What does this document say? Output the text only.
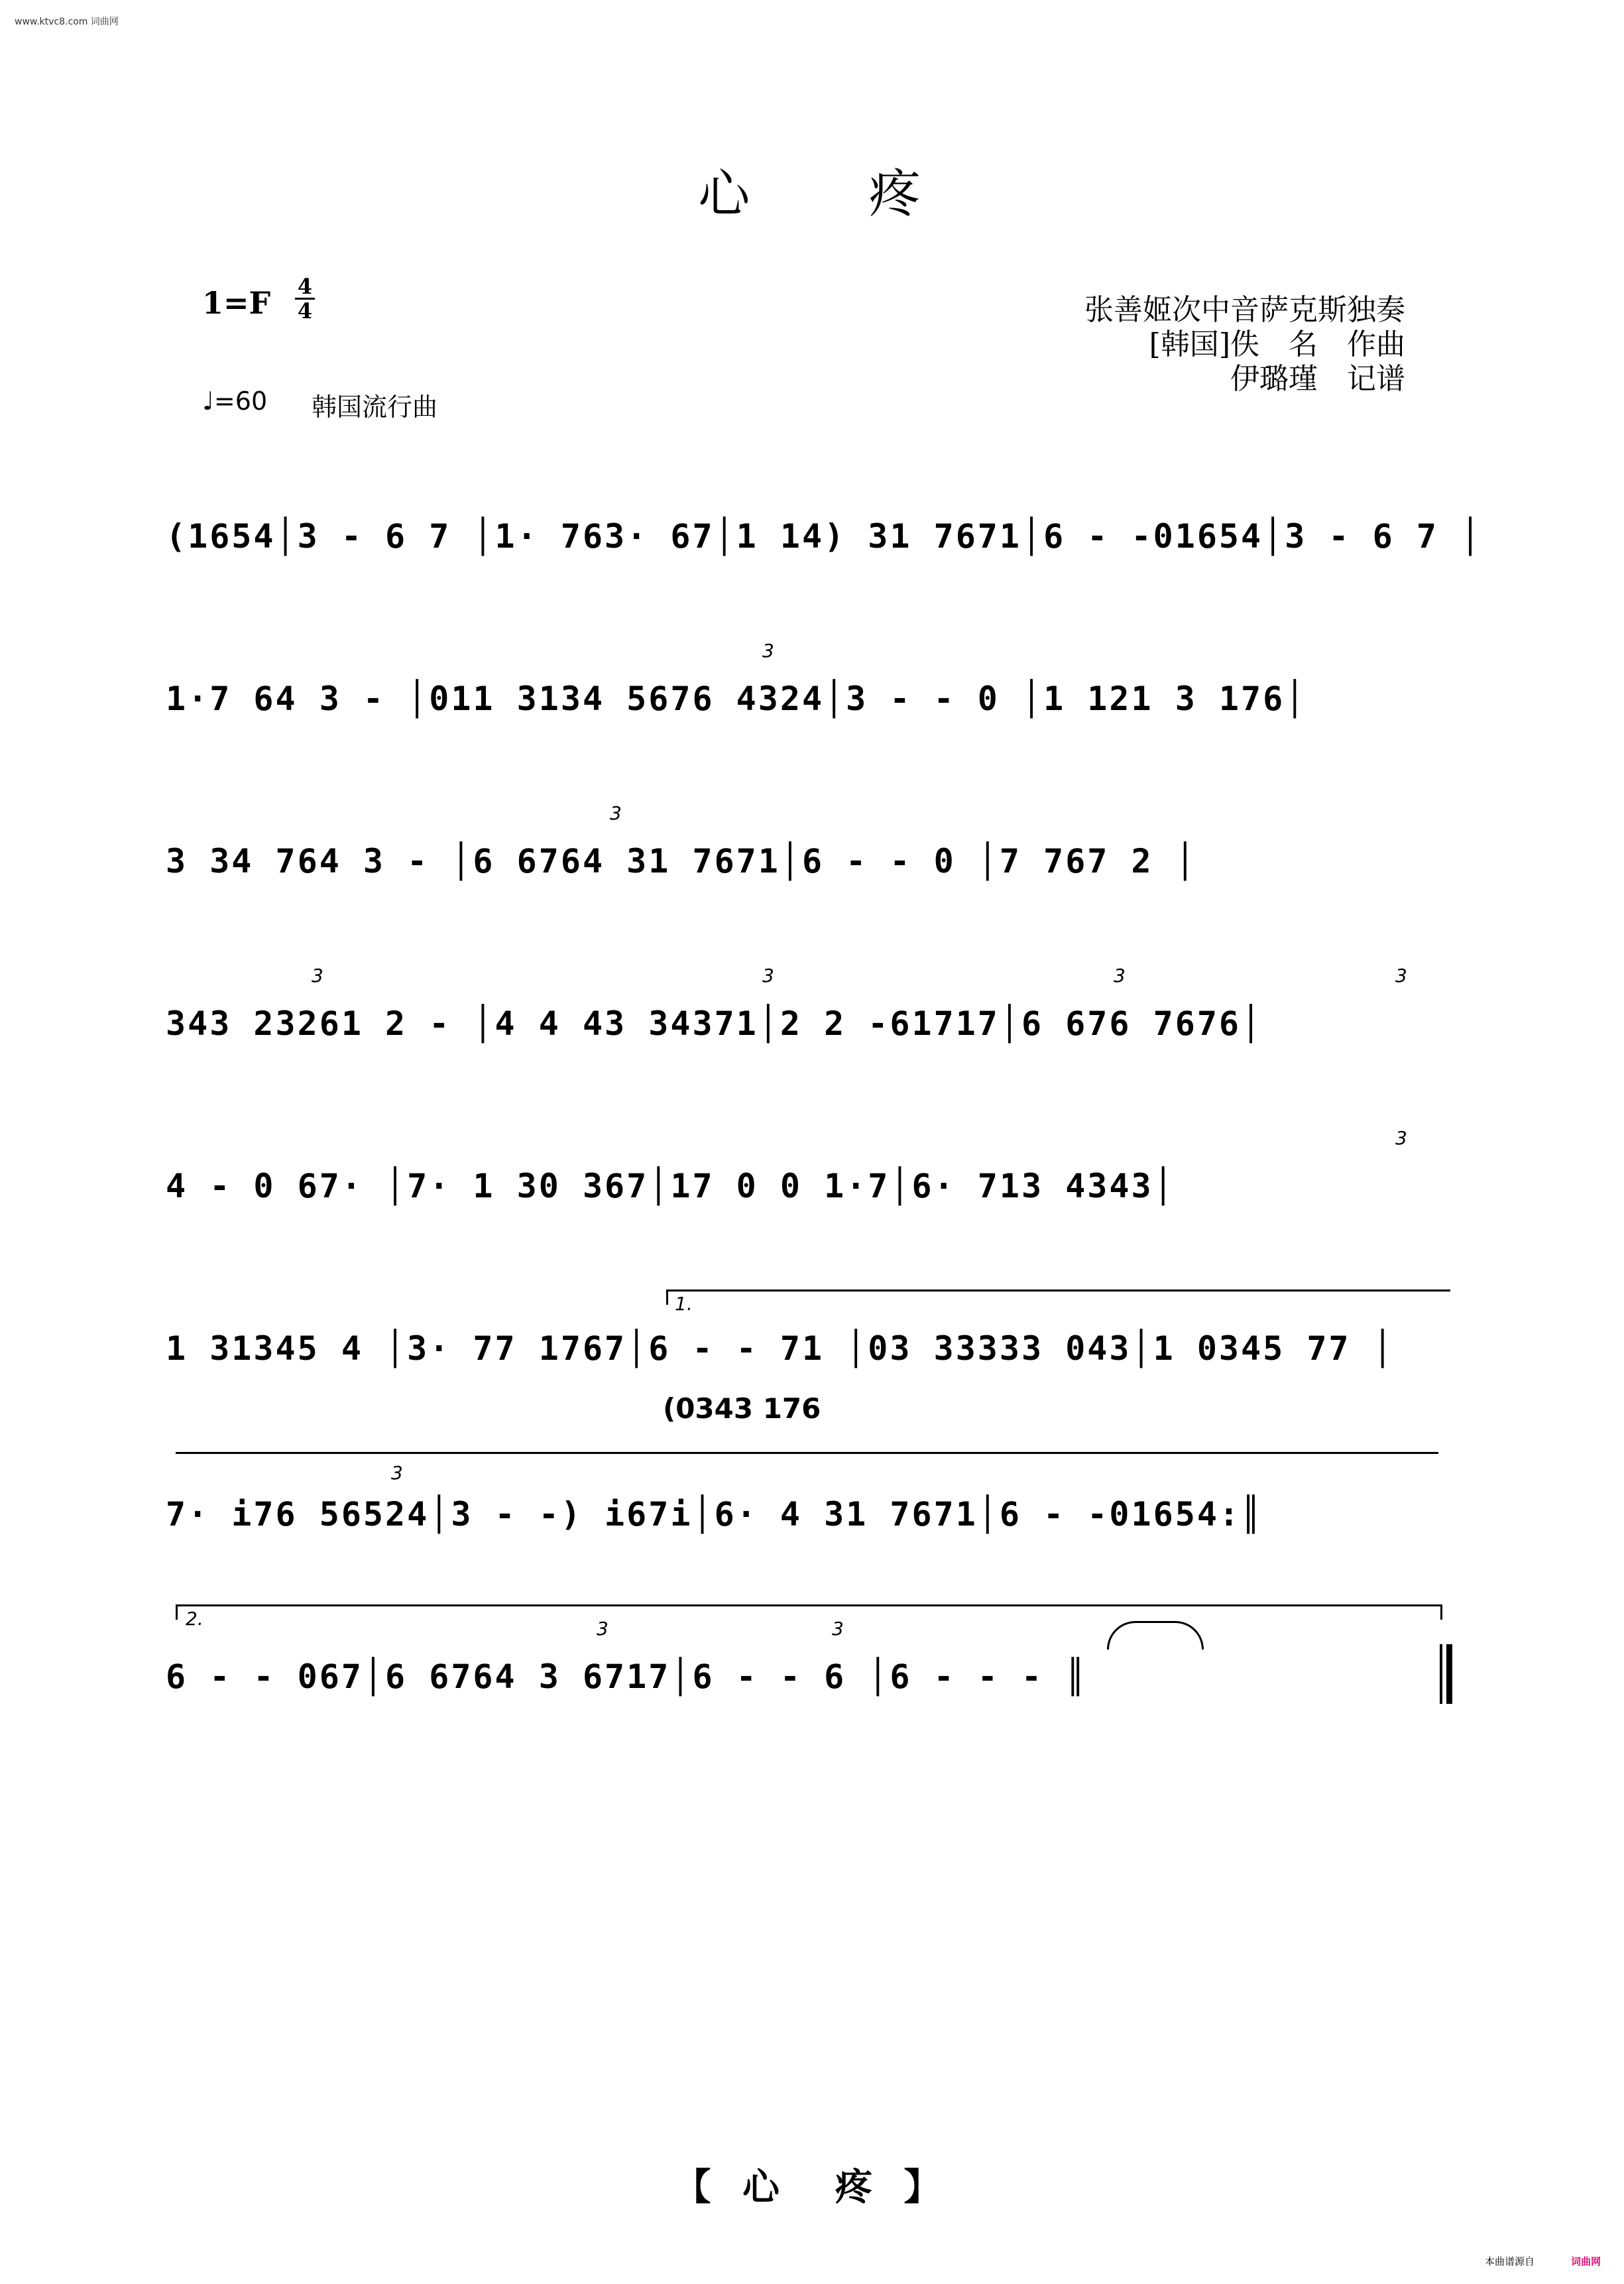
www.ktvc8.com 词曲网
心　　疼
1=F 4
4
♩=60 韩国流行曲
张善姬次中音萨克斯独奏
[韩国]佚　名　作曲
伊璐瑾　记谱
(1654│3 - 6 7 │1· 763· 67│1 14) 31 7671│6 - -01654│3 - 6 7 │
1·7 64 3 - │011 3134 5676 4324│3 - - 0 │1 121 3 176│
3 34 764 3 - │6 6764 31 7671│6 - - 0 │7 767 2 │
343 23261 2 - │4 4 43 34371│2 2 -61717│6 676 7676│
4 - 0 67· │7· 1 30 367│17 0 0 1·7│6· 713 4343│
1 31345 4 │3· 77 1767│6 - - 71 │03 33333 043│1 0345 77 │
7· i76 56524│3 - -) i67i│6· 4 31 7671│6 - -01654:║
6 - - 067│6 6764 3 6717│6 - - 6 │6 - - - ║
(0343 176
1.
2.
3
3
3	3	3	3
3
3
3	3
【 心　疼 】
本曲谱源自	词曲网
